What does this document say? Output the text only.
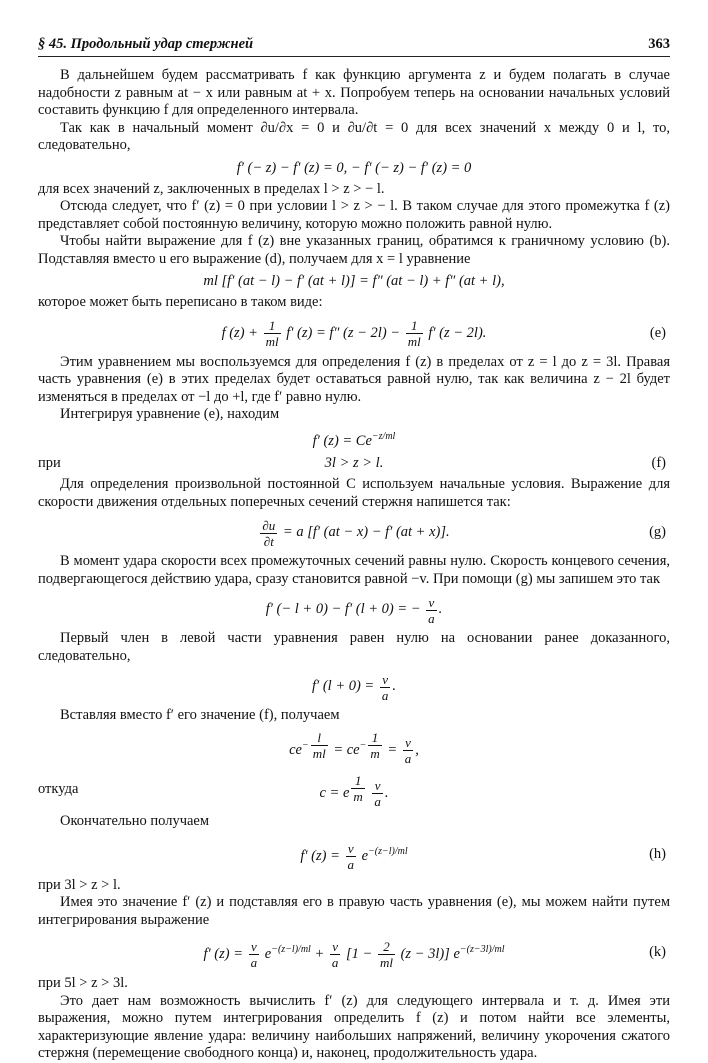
§ 45. Продольный удар стержней	363

В дальнейшем будем рассматривать f как функцию аргумента z и будем полагать в случае надобности z равным at − x или равным at + x. Попробуем теперь на основании начальных условий составить функцию f для определенного интервала.

Так как в начальный момент ∂u/∂x = 0 и ∂u/∂t = 0 для всех значений x между 0 и l, то, следовательно,

f′ (− z) − f′ (z) = 0, − f′ (− z) − f′ (z) = 0

для всех значений z, заключенных в пределах l > z > − l.

Отсюда следует, что f′ (z) = 0 при условии l > z > − l. В таком случае для этого промежутка f (z) представляет собой постоянную величину, которую можно положить равной нулю.

Чтобы найти выражение для f (z) вне указанных границ, обратимся к граничному условию (b). Подставляя вместо u его выражение (d), получаем для x = l уравнение

ml [f′ (at − l) − f′ (at + l)] = f″ (at − l) + f″ (at + l),

которое может быть переписано в таком виде:

f $(z) + \frac{1}{ml} f'$ (z) = f″ $(z - 2l) - \frac{1}{ml} f'$ (z − 2l).	(e)

Этим уравнением мы воспользуемся для определения f (z) в пределах от z = l до z = 3l. Правая часть уравнения (e) в этих пределах будет оставаться равной нулю, так как величина z − 2l будет изменяться в пределах от −l до +l, где f′ равно нулю.

Интегрируя уравнение (e), находим

f′ $(z) = Ce^{-z/ml}$
при	3l > z > l.	(f)

Для определения произвольной постоянной C используем начальные условия. Выражение для скорости движения отдельных поперечных сечений стержня напишется так:

$\frac{\partial u}{\partial t} = a$ [f′ (at − x) − f′ (at + x)].	(g)

В момент удара скорости всех промежуточных сечений равны нулю. Скорость концевого сечения, подвергающегося действию удара, сразу становится равной −v. При помощи (g) мы запишем это так

f′ (− l + 0) − f′ (l + 0) = − $\frac{v}{a}$ .

Первый член в левой части уравнения равен нулю на основании ранее доказанного, следовательно,

f′ $(l + 0) = \frac{v}{a}$ .

Вставляя вместо f′ его значение (f), получаем

$ce^{- \frac{l}{ml}} = ce^{- \frac{1}{m}} = \frac{v}{a}$ ,
откуда	c = e $^{\frac{1}{m}}$
$\frac{v}{a}$ .

Окончательно получаем

f′ $(z) = \frac{v}{a} e^{-(z-l)/ml}$	(h)

при 3l > z > l.

Имея это значение f′ (z) и подставляя его в правую часть уравнения (e), мы можем найти путем интегрирования выражение

f′ $(z) = \frac{v}{a} e^{-(z-l)/ml} + \frac{v}{a} [1 - \frac{2}{ml} (z - 3l)]$ $e^{-(z-3l)/ml}$	(k)

при 5l > z > 3l.

Это дает нам возможность вычислить f′ (z) для следующего интервала и т. д. Имея эти выражения, можно путем интегрирования определить f (z) и потом найти все элементы, характеризующие явление удара: величину наибольших напряжений, величину укорочения сжатого стержня (перемещение свободного конца) и, наконец, продолжительность удара.
